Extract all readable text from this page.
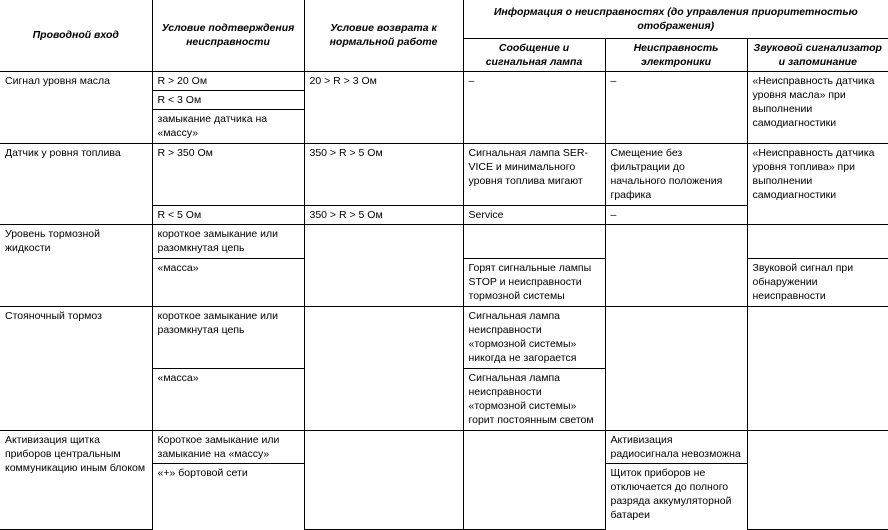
Проводной вход	Условие подтверждения неисправности	Условие возврата к нормальной работе	Информация о неисправностях (до управления приоритетностью отображения)		
			Сообщение и сигнальная лампа	Неисправность электроники	Звуковой сигнализатор и запоминание
Сигнал уровня масла	R > 20 Ом	20 > R > 3 Ом	–	–	«Неисправность датчика уровня масла» при выполнении самодиагностики
	R < 3 Ом				
	замыкание датчика на «массу»				
Датчик у ровня топлива	R > 350 Ом	350 > R > 5 Ом	Сигнальная лампа SER-VICE и минимального уровня топлива мигают	Смещение без фильтрации до начального положения графика	«Неисправность датчика уровня топлива» при выполнении самодиагностики
	R < 5 Ом	350 > R > 5 Ом	Service	–	
Уровень тормозной жидкости	короткое замыкание или разомкнутая цепь				
	«масса»		Горят сигнальные лампы STOP и неисправности тормозной системы		Звуковой сигнал при обнаружении неисправности
Стояночный тормоз	короткое замыкание или разомкнутая цепь		Сигнальная лампа неисправности «тормозной системы» никогда не загорается		
	«масса»		Сигнальная лампа неисправности «тормозной системы» горит постоянным светом		
Активизация щитка приборов центральным коммуникацию иным блоком	Короткое замыкание или замыкание на «массу»			Активизация радиосигнала невозможна	
	«+» бортовой сети			Щиток приборов не отключается до полного разряда аккумуляторной батареи	
